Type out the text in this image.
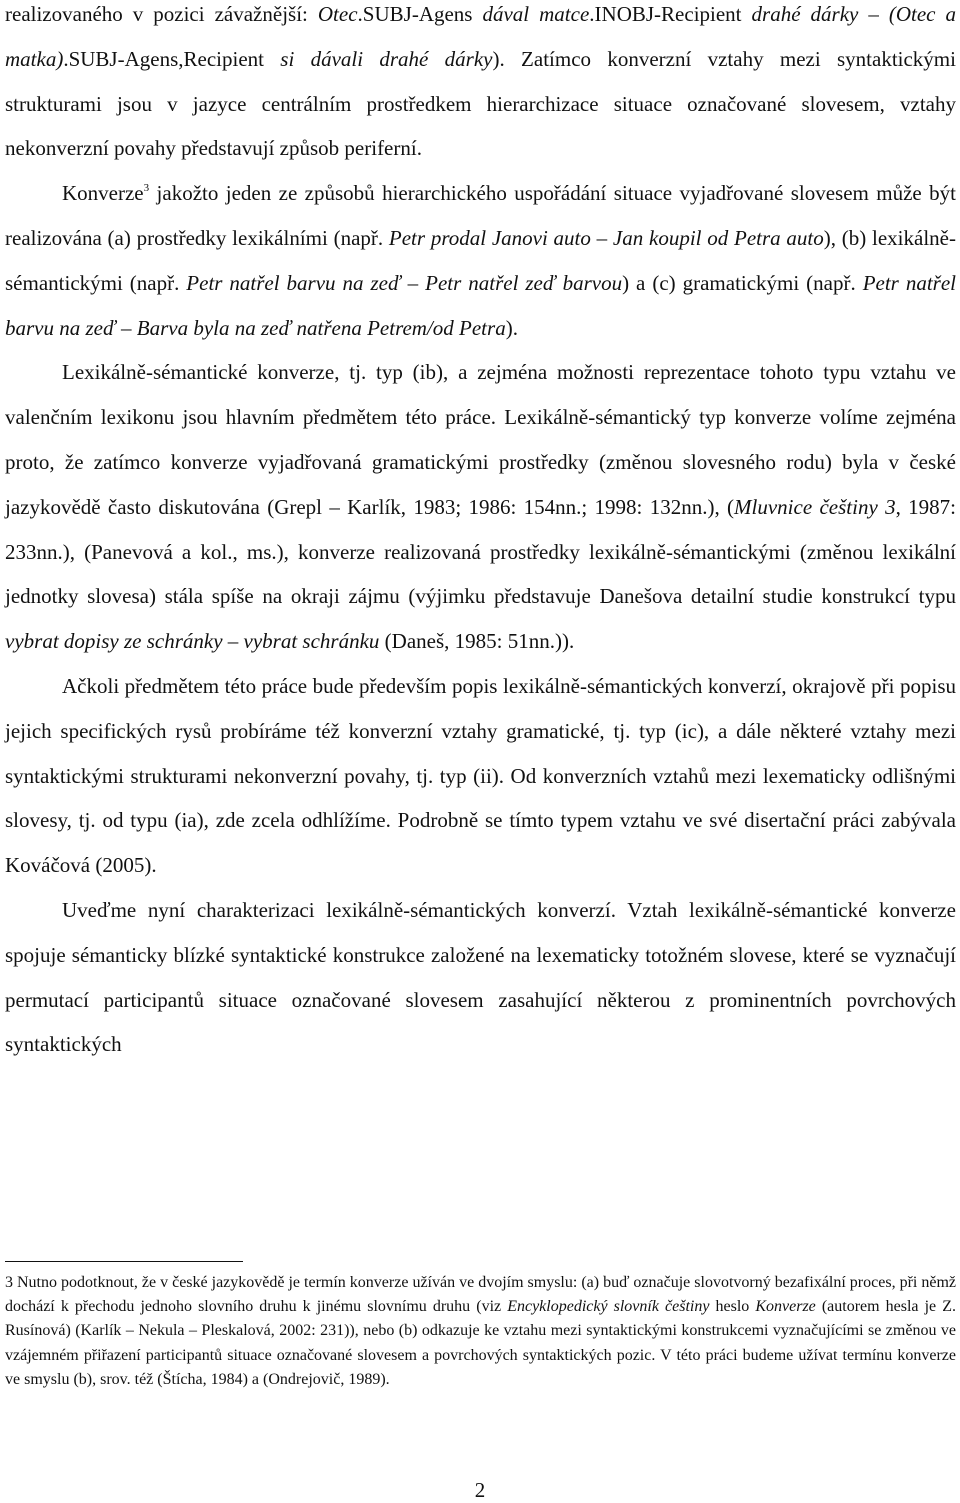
realizovaného v pozici závažnější: Otec.SUBJ-Agens dával matce.INOBJ-Recipient drahé dárky – (Otec a matka).SUBJ-Agens,Recipient si dávali drahé dárky). Zatímco konverzní vztahy mezi syntaktickými strukturami jsou v jazyce centrálním prostředkem hierarchizace situace označované slovesem, vztahy nekonverzní povahy představují způsob periferní.

Konverze$^3$ jakožto jeden ze způsobů hierarchického uspořádání situace vyjadřované slovesem může být realizována (a) prostředky lexikálními (např. Petr prodal Janovi auto – Jan koupil od Petra auto), (b) lexikálně-sémantickými (např. Petr natřel barvu na zeď – Petr natřel zeď barvou) a (c) gramatickými (např. Petr natřel barvu na zeď – Barva byla na zeď natřena Petrem/od Petra).

Lexikálně-sémantické konverze, tj. typ (ib), a zejména možnosti reprezentace tohoto typu vztahu ve valenčním lexikonu jsou hlavním předmětem této práce. Lexikálně-sémantický typ konverze volíme zejména proto, že zatímco konverze vyjadřovaná gramatickými prostředky (změnou slovesného rodu) byla v české jazykovědě často diskutována (Grepl – Karlík, 1983; 1986: 154nn.; 1998: 132nn.), (Mluvnice češtiny 3, 1987: 233nn.), (Panevová a kol., ms.), konverze realizovaná prostředky lexikálně-sémantickými (změnou lexikální jednotky slovesa) stála spíše na okraji zájmu (výjimku představuje Danešova detailní studie konstrukcí typu vybrat dopisy ze schránky – vybrat schránku (Daneš, 1985: 51nn.)).

Ačkoli předmětem této práce bude především popis lexikálně-sémantických konverzí, okrajově při popisu jejich specifických rysů probíráme též konverzní vztahy gramatické, tj. typ (ic), a dále některé vztahy mezi syntaktickými strukturami nekonverzní povahy, tj. typ (ii). Od konverzních vztahů mezi lexematicky odlišnými slovesy, tj. od typu (ia), zde zcela odhlížíme. Podrobně se tímto typem vztahu ve své disertační práci zabývala Kováčová (2005).

Uveďme nyní charakterizaci lexikálně-sémantických konverzí. Vztah lexikálně-sémantické konverze spojuje sémanticky blízké syntaktické konstrukce založené na lexematicky totožném slovese, které se vyznačují permutací participantů situace označované slovesem zasahující některou z prominentních povrchových syntaktických

3 Nutno podotknout, že v české jazykovědě je termín konverze užíván ve dvojím smyslu: (a) buď označuje slovotvorný bezafixální proces, při němž dochází k přechodu jednoho slovního druhu k jinému slovnímu druhu (viz Encyklopedický slovník češtiny heslo Konverze (autorem hesla je Z. Rusínová) (Karlík – Nekula – Pleskalová, 2002: 231)), nebo (b) odkazuje ke vztahu mezi syntaktickými konstrukcemi vyznačujícími se změnou ve vzájemném přiřazení participantů situace označované slovesem a povrchových syntaktických pozic. V této práci budeme užívat termínu konverze ve smyslu (b), srov. též (Štícha, 1984) a (Ondrejovič, 1989).

2
